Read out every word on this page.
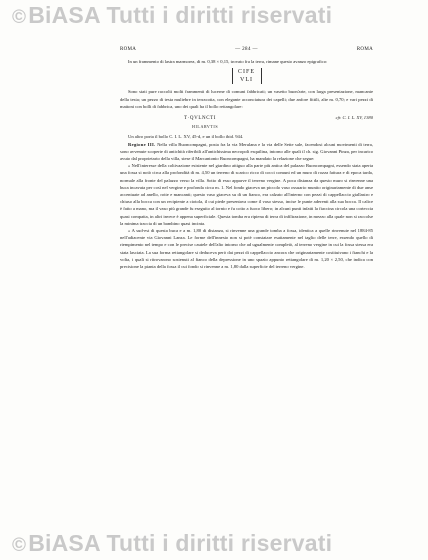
©BiASA Tutti i diritti riservati
ROMA	— 284 —	ROMA

In un frammento di lastra marmorea, di m. 0,38 × 0,15, trovato fra la terra, rimane questo avanzo epigrafico:

CIFE
VLI

Sono stati pure raccolti molti frammenti di lucerne di comuni fabbricati; un vasetto buon'arte, con larga presentazione, mancante della testa; un pezzo di testa muliebre in terracotta, con elegante acconciatura dei capelli; due anfore fittili, alte m. 0,70; e vari pezzi di mattoni con bolli di fabbrica, uno dei quali ha il bollo rettangolare:

T·QVLNCTI	cfr. C. I. L. XV, 1380
HILARVTIS

Un altro porta il bollo C. I. L. XV, 45-d, e un il bollo ibid. 944.

Regione III. Nella villa Buoncompagni, posta fra la via Merulana e la via delle Sette sale, facendosi alcuni movimenti di terra, sono avvenute scoperte di antichità riferibili all'antichissima necropoli esquilina, intorno alle quali il ch. sig. Giovanni Pinza, per incarico avuto dal proprietario della villa, stese il Marcantonio Buoncompagni, ha mandato la relazione che segue:

« Nell'interesse della coltivazione esistente nel giardino attiguo alla parte più antica del palazzo Buoncompagni, essendo stata aperta una fossa si notò circa alla profondità di m. 4,50 un terreno di scarico ricco di cocci comuni ed un muro di rozza fattura e di epoca tarda, normale alla fronte del palazzo verso la villa. Sotto di esso apparve il terreno vergine. A poca distanza da questo muro si rinvenne una buca incavata per così nel vergine e profonda circa m. 1. Nel fondo giaceva un piccolo vaso ossuario munito originariamente di due anse accentuate ad anello, rotte e mancanti; questo vaso giaceva su di un fianco, era calzato all'interno con pezzi di cappellaccio giallastro e chiuso alla bocca con un recipiente a ciotola, il cui piede presentava come il vaso stesso, incise le punte aderenti alla sua bocca. Il calice è fatto a mano, ma il vaso più grande fu eseguito al tornio e fu cotto a fuoco libero; in alcuni punti infatti la fiaccina circola una corteccia quasi compatta, in altri invece è appena superficiale. Questa tomba era ripiena di terra di infiltrazione, in mezzo alla quale non si raccolse la minima traccia di un bambino quasi incinta.

« A sud-est di questa buca e a m. 1,80 di distanza, si rinvenne una grande tomba a fossa, identica a quelle rinvenute nel 1884-85 nell'adiacente via Giovanni Lanza. Le forme dell'innesto non si potè constatare esattamente nel taglio delle terre, essendo quello di riempimento nel tempo e con le precise cautele dell'alto intorno che ad ugualmente completò, al terreno vergine in cui la fossa stessa era stata lasciata. La sua forma rettangolare si deduceva però dai pezzi di cappellaccio ancora che originariamente costituivano i fianchi e la volta, i quali si ritrovarono sostenuti al fianco della depressione in uno spazio appunto rettangolare di m. 1,20 × 2,50, che indica con precisione la pianta della fossa il cui fondo si rinvenne a m. 1,80 dalla superficie del terreno vergine.

©BiASA Tutti i diritti riservati
